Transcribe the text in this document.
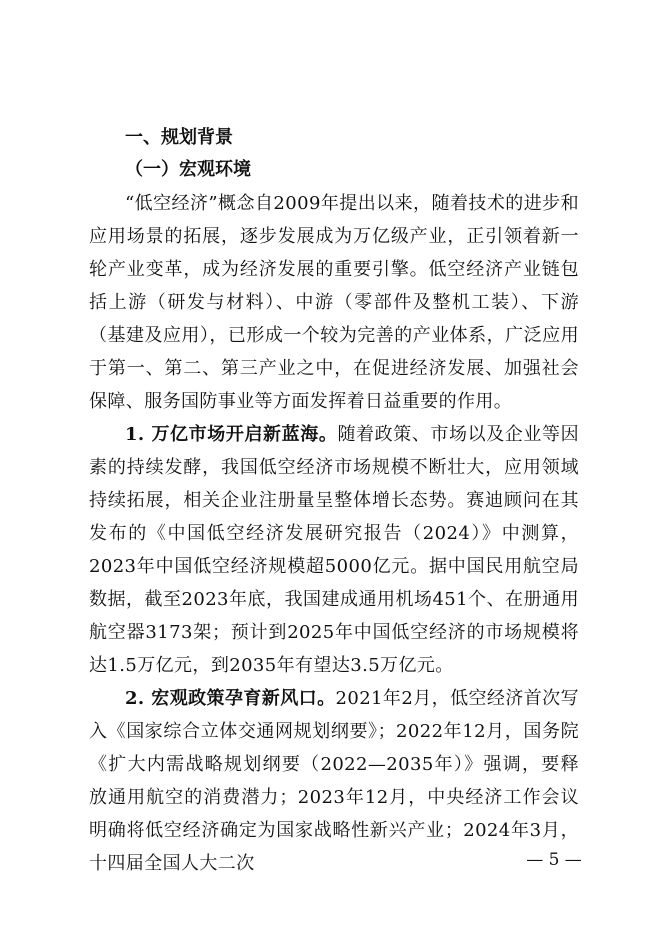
一、规划背景
（一）宏观环境

“低空经济”概念自2009年提出以来，随着技术的进步和应用场景的拓展，逐步发展成为万亿级产业，正引领着新一轮产业变革，成为经济发展的重要引擎。低空经济产业链包括上游（研发与材料）、中游（零部件及整机工装）、下游（基建及应用），已形成一个较为完善的产业体系，广泛应用于第一、第二、第三产业之中，在促进经济发展、加强社会保障、服务国防事业等方面发挥着日益重要的作用。

1. 万亿市场开启新蓝海。随着政策、市场以及企业等因素的持续发酵，我国低空经济市场规模不断壮大，应用领域持续拓展，相关企业注册量呈整体增长态势。赛迪顾问在其发布的《中国低空经济发展研究报告（2024）》中测算，2023年中国低空经济规模超5000亿元。据中国民用航空局数据，截至2023年底，我国建成通用机场451个、在册通用航空器3173架；预计到2025年中国低空经济的市场规模将达1.5万亿元，到2035年有望达3.5万亿元。

2. 宏观政策孕育新风口。2021年2月，低空经济首次写入《国家综合立体交通网规划纲要》；2022年12月，国务院《扩大内需战略规划纲要（2022—2035年）》强调，要释放通用航空的消费潜力；2023年12月，中央经济工作会议明确将低空经济确定为国家战略性新兴产业；2024年3月，十四届全国人大二次	— 5 —
